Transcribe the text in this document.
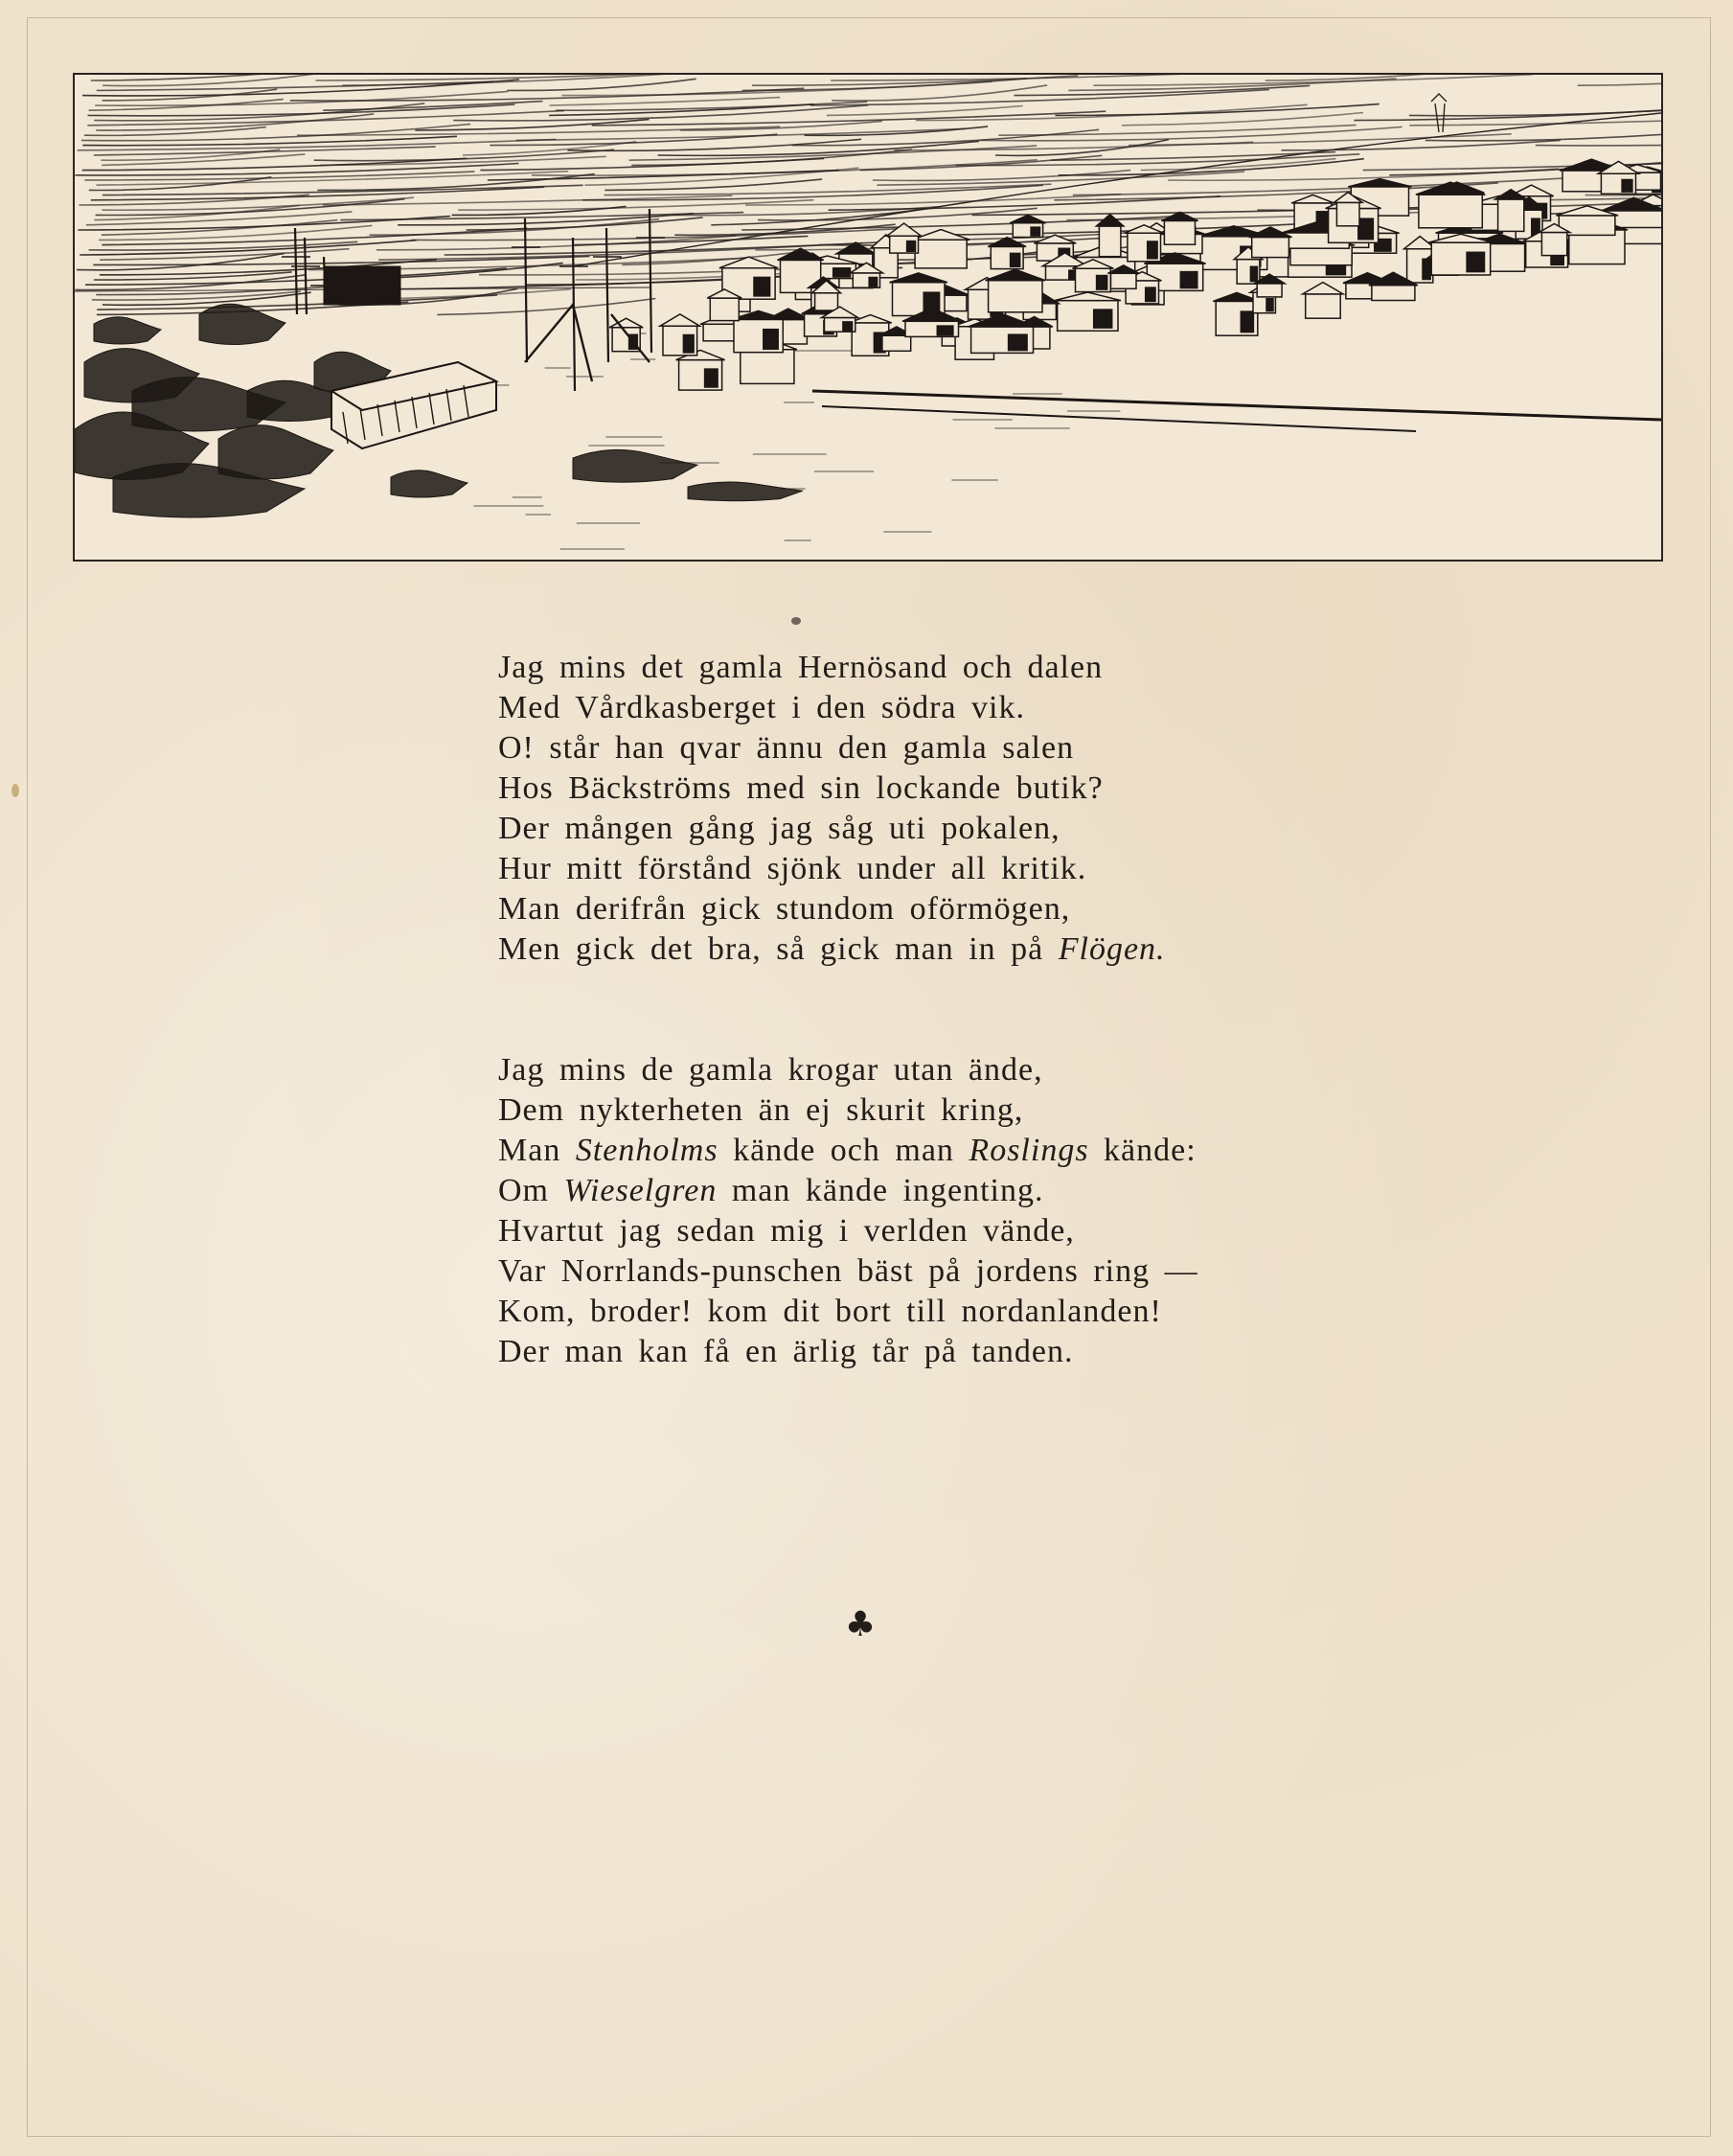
Jag mins det gamla Hernösand och dalen
Med Vårdkasberget i den södra vik.
O! står han qvar ännu den gamla salen
Hos Bäckströms med sin lockande butik?
Der mången gång jag såg uti pokalen,
Hur mitt förstånd sjönk under all kritik.
Man derifrån gick stundom oförmögen,
Men gick det bra, så gick man in på Flögen.
Jag mins de gamla krogar utan ände,
Dem nykterheten än ej skurit kring,
Man Stenholms kände och man Roslings kände:
Om Wieselgren man kände ingenting.
Hvartut jag sedan mig i verlden vände,
Var Norrlands-punschen bäst på jordens ring —
Kom, broder! kom dit bort till nordanlanden!
Der man kan få en ärlig tår på tanden.
♣
